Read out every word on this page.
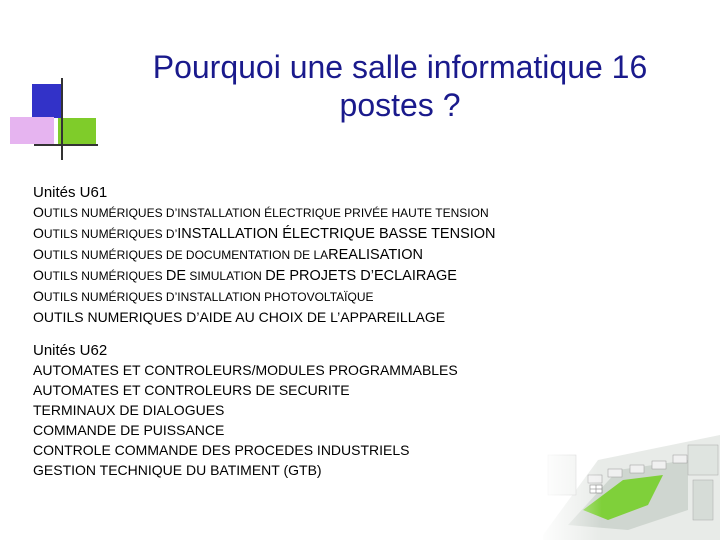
Pourquoi une salle informatique 16 postes ?
Unités U61
OUTILS NUMÉRIQUES D’INSTALLATION ÉLECTRIQUE PRIVÉE HAUTE TENSION
OUTILS NUMÉRIQUES D’INSTALLATION ÉLECTRIQUE BASSE TENSION
OUTILS NUMÉRIQUES DE DOCUMENTATION DE LAREALISATION
OUTILS NUMÉRIQUES DE SIMULATION DE PROJETS D’ECLAIRAGE
OUTILS NUMÉRIQUES D’INSTALLATION PHOTOVOLTAÏQUE
OUTILS NUMERIQUES D’AIDE AU CHOIX DE L’APPAREILLAGE
Unités U62
AUTOMATES ET CONTROLEURS/MODULES PROGRAMMABLES
AUTOMATES ET CONTROLEURS DE SECURITE
TERMINAUX DE DIALOGUES
COMMANDE DE PUISSANCE
CONTROLE COMMANDE DES PROCEDES INDUSTRIELS
GESTION TECHNIQUE DU BATIMENT (GTB)
